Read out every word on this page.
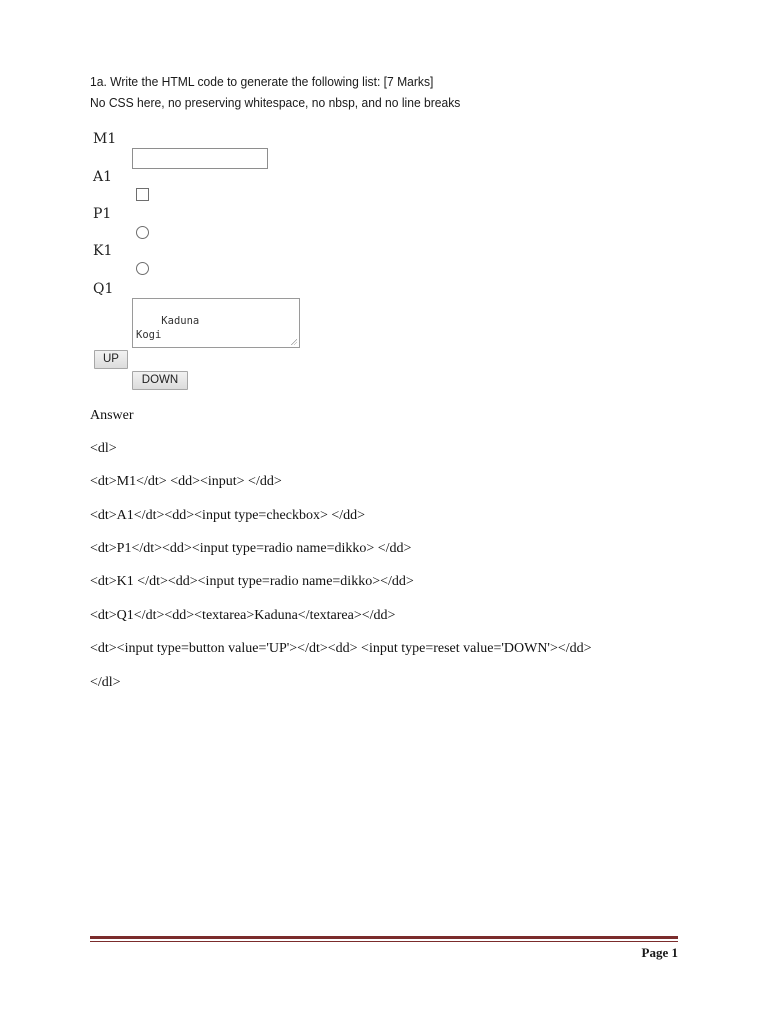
1a. Write the HTML code to generate the following list: [7 Marks]
No CSS here, no preserving whitespace, no nbsp, and no line breaks
M1
A1
P1
K1
Q1

Kaduna
Kogi

UP
DOWN
Answer
<dl>
<dt>M1</dt> <dd><input> </dd>
<dt>A1</dt><dd><input type=checkbox> </dd>
<dt>P1</dt><dd><input type=radio name=dikko> </dd>
<dt>K1 </dt><dd><input type=radio name=dikko></dd>
<dt>Q1</dt><dd><textarea>Kaduna</textarea></dd>
<dt><input type=button value='UP'></dt><dd> <input type=reset value='DOWN'></dd>
</dl>
Page 1
